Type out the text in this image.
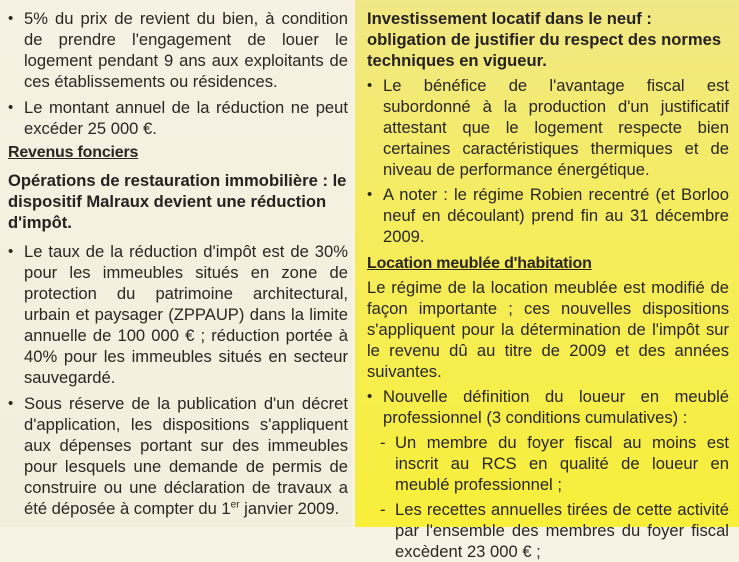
• 5% du prix de revient du bien, à condition de prendre l'engagement de louer le logement pendant 9 ans aux exploitants de ces établissements ou résidences.

• Le montant annuel de la réduction ne peut excéder 25 000 €.

Revenus fonciers
Opérations de restauration immobilière : le dispositif Malraux devient une réduction d'impôt.

• Le taux de la réduction d'impôt est de 30% pour les immeubles situés en zone de protection du patrimoine architectural, urbain et paysager (ZPPAUP) dans la limite annuelle de 100 000 € ; réduction portée à 40% pour les immeubles situés en secteur sauvegardé.

• Sous réserve de la publication d'un décret d'application, les dispositions s'appliquent aux dépenses portant sur des immeubles pour lesquels une demande de permis de construire ou une déclaration de travaux a été déposée à compter du 1er janvier 2009.

Investissement locatif dans le neuf : obligation de justifier du respect des normes techniques en vigueur.

• Le bénéfice de l'avantage fiscal est subordonné à la production d'un justificatif attestant que le logement respecte bien certaines caractéristiques thermiques et de niveau de performance énergétique.

• A noter : le régime Robien recentré (et Borloo neuf en découlant) prend fin au 31 décembre 2009.

Location meublée d'habitation

Le régime de la location meublée est modifié de façon importante ; ces nouvelles dispositions s'appliquent pour la détermination de l'impôt sur le revenu dû au titre de 2009 et des années suivantes.

• Nouvelle définition du loueur en meublé professionnel (3 conditions cumulatives) :

- Un membre du foyer fiscal au moins est inscrit au RCS en qualité de loueur en meublé professionnel ;

- Les recettes annuelles tirées de cette activité par l'ensemble des membres du foyer fiscal excèdent 23 000 € ;
